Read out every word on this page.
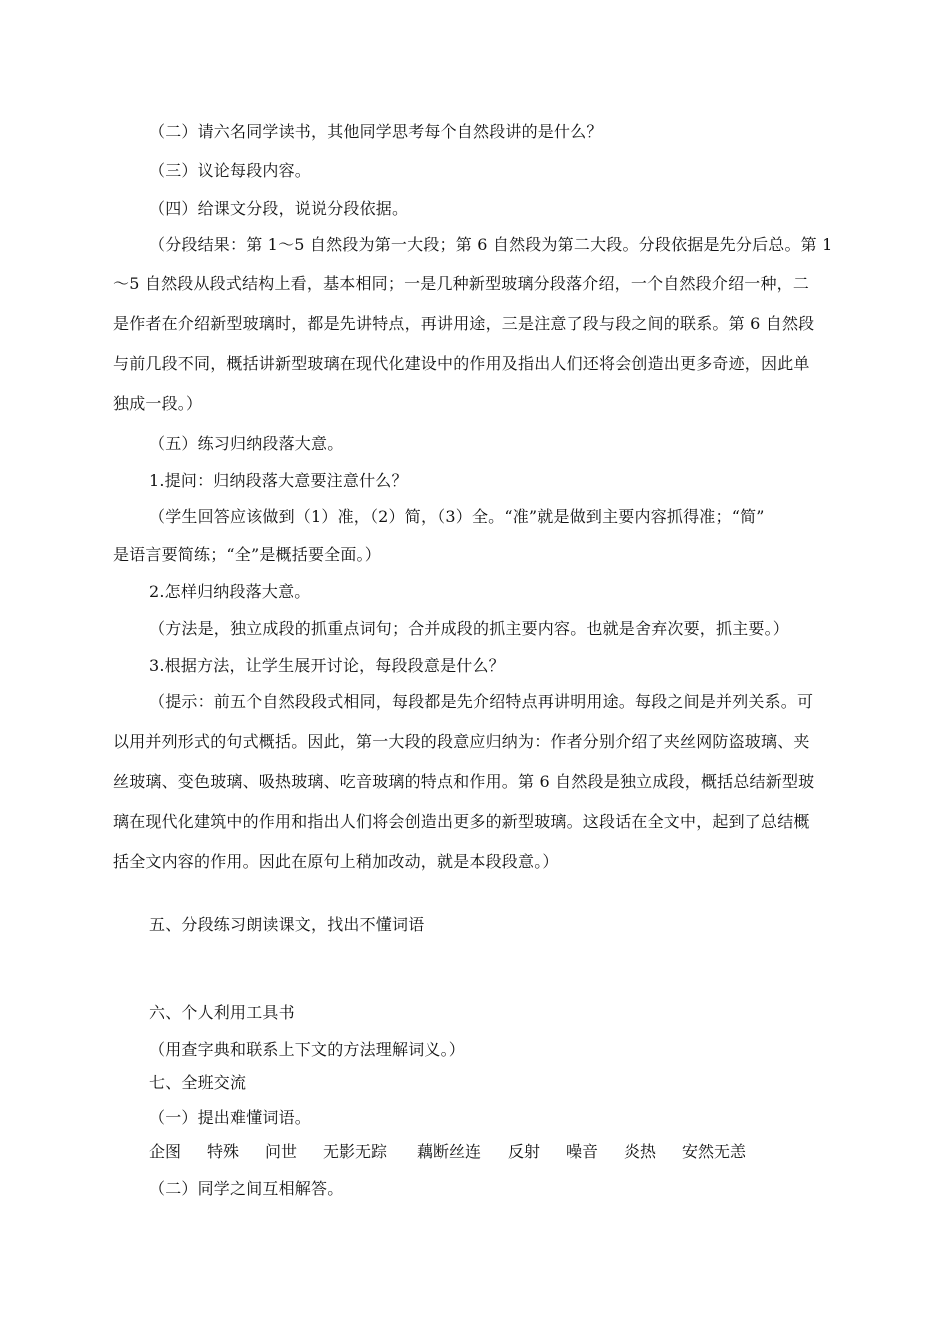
（二）请六名同学读书，其他同学思考每个自然段讲的是什么？
（三）议论每段内容。
（四）给课文分段，说说分段依据。
（分段结果：第 1～5 自然段为第一大段；第 6 自然段为第二大段。分段依据是先分后总。第 1
～5 自然段从段式结构上看，基本相同；一是几种新型玻璃分段落介绍，一个自然段介绍一种，二
是作者在介绍新型玻璃时，都是先讲特点，再讲用途，三是注意了段与段之间的联系。第 6 自然段
与前几段不同，概括讲新型玻璃在现代化建设中的作用及指出人们还将会创造出更多奇迹，因此单
独成一段。）
（五）练习归纳段落大意。
1.提问：归纳段落大意要注意什么？
（学生回答应该做到（1）准，（2）简，（3）全。“准”就是做到主要内容抓得准；“简”
是语言要简练；“全”是概括要全面。）
2.怎样归纳段落大意。
（方法是，独立成段的抓重点词句；合并成段的抓主要内容。也就是舍弃次要，抓主要。）
3.根据方法，让学生展开讨论，每段段意是什么？
（提示：前五个自然段段式相同，每段都是先介绍特点再讲明用途。每段之间是并列关系。可
以用并列形式的句式概括。因此，第一大段的段意应归纳为：作者分别介绍了夹丝网防盗玻璃、夹
丝玻璃、变色玻璃、吸热玻璃、吃音玻璃的特点和作用。第 6 自然段是独立成段，概括总结新型玻
璃在现代化建筑中的作用和指出人们将会创造出更多的新型玻璃。这段话在全文中，起到了总结概
括全文内容的作用。因此在原句上稍加改动，就是本段段意。）
五、分段练习朗读课文，找出不懂词语
六、个人利用工具书
（用查字典和联系上下文的方法理解词义。）
七、全班交流
（一）提出难懂词语。
企图 特殊 问世 无影无踪 藕断丝连 反射 噪音 炎热 安然无恙
（二）同学之间互相解答。
